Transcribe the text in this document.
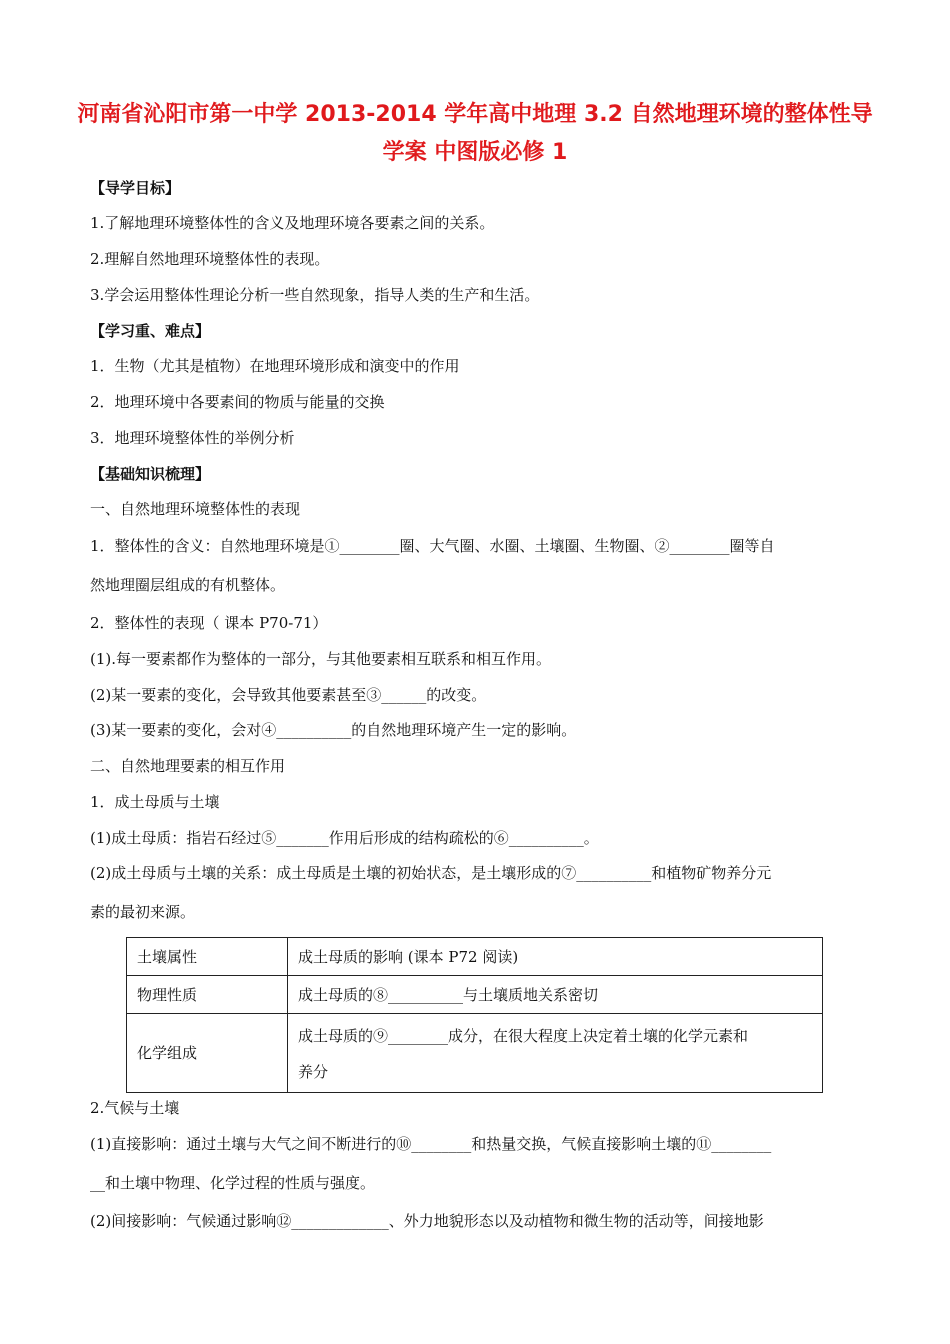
河南省沁阳市第一中学 2013-2014 学年高中地理 3.2 自然地理环境的整体性导
学案 中图版必修 1
【导学目标】
1.了解地理环境整体性的含义及地理环境各要素之间的关系。
2.理解自然地理环境整体性的表现。
3.学会运用整体性理论分析一些自然现象，指导人类的生产和生活。
【学习重、难点】
1．生物（尤其是植物）在地理环境形成和演变中的作用
2．地理环境中各要素间的物质与能量的交换
3．地理环境整体性的举例分析
【基础知识梳理】
一、自然地理环境整体性的表现
1．整体性的含义：自然地理环境是①________圈、大气圈、水圈、土壤圈、生物圈、②________圈等自
然地理圈层组成的有机整体。
2．整体性的表现（ 课本 P70-71）
(1).每一要素都作为整体的一部分，与其他要素相互联系和相互作用。
(2)某一要素的变化，会导致其他要素甚至③______的改变。
(3)某一要素的变化，会对④__________的自然地理环境产生一定的影响。
二、自然地理要素的相互作用
1．成土母质与土壤
(1)成土母质：指岩石经过⑤_______作用后形成的结构疏松的⑥__________。
(2)成土母质与土壤的关系：成土母质是土壤的初始状态，是土壤形成的⑦__________和植物矿物养分元
素的最初来源。
土壤属性	成土母质的影响 (课本 P72 阅读)
物理性质	成土母质的⑧__________与土壤质地关系密切
化学组成	成土母质的⑨________成分，在很大程度上决定着土壤的化学元素和
养分
2.气候与土壤
(1)直接影响：通过土壤与大气之间不断进行的⑩________和热量交换，气候直接影响土壤的⑪________
__和土壤中物理、化学过程的性质与强度。
(2)间接影响：气候通过影响⑫_____________、外力地貌形态以及动植物和微生物的活动等，间接地影
